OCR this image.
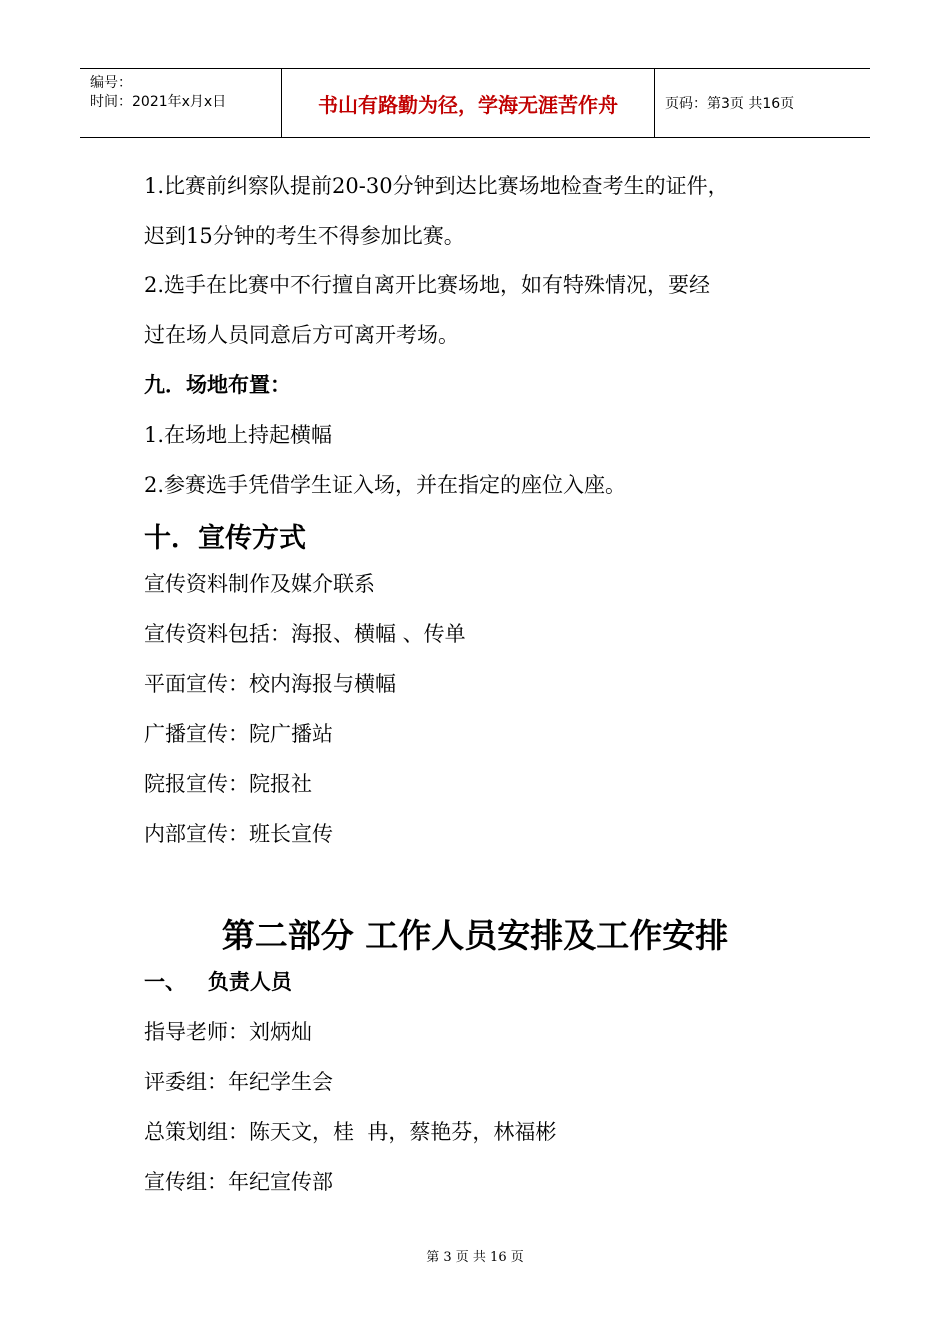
编号：
时间：2021年x月x日	书山有路勤为径，学海无涯苦作舟	页码：第3页 共16页
1.比赛前纠察队提前20-30分钟到达比赛场地检查考生的证件，
迟到15分钟的考生不得参加比赛。
2.选手在比赛中不行擅自离开比赛场地，如有特殊情况，要经
过在场人员同意后方可离开考场。
九．场地布置：
1.在场地上持起横幅
2.参赛选手凭借学生证入场，并在指定的座位入座。
十．宣传方式
宣传资料制作及媒介联系
宣传资料包括：海报、横幅 、传单
平面宣传：校内海报与横幅
广播宣传：院广播站
院报宣传：院报社
内部宣传：班长宣传
第二部分 工作人员安排及工作安排
一、   负责人员
指导老师：刘炳灿
评委组：年纪学生会
总策划组：陈天文，桂  冉，蔡艳芬，林福彬
宣传组：年纪宣传部
第 3 页 共 16 页
